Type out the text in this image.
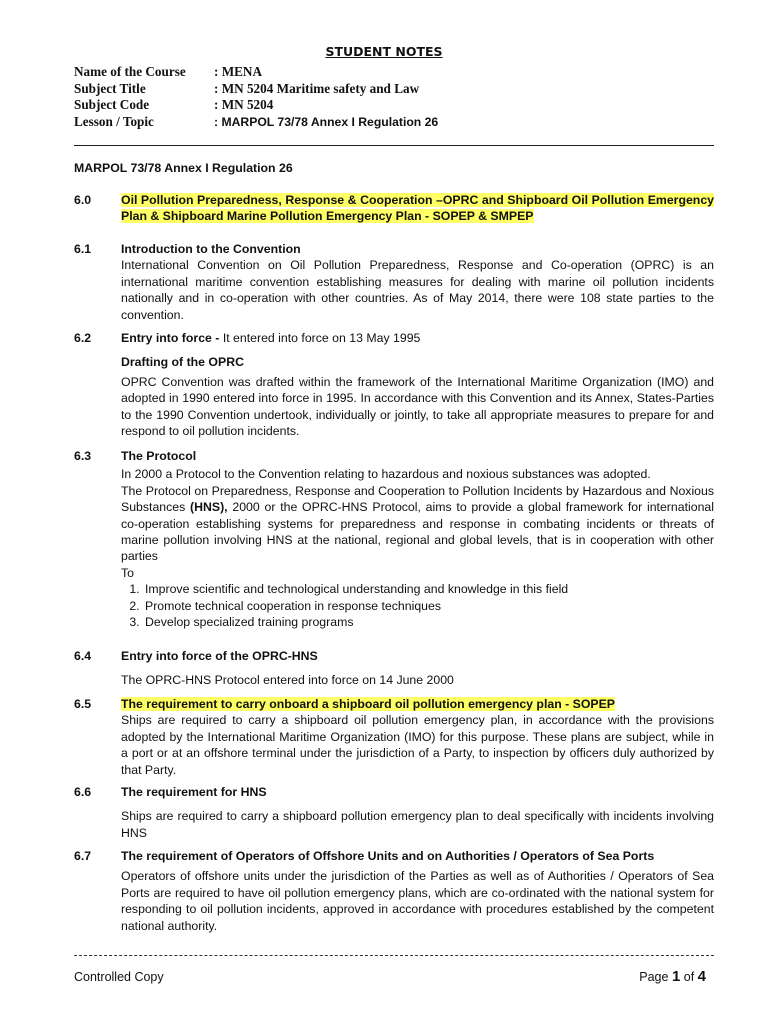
STUDENT NOTES
Name of the Course	: MENA
Subject Title	: MN 5204 Maritime safety and Law
Subject Code	: MN 5204
Lesson / Topic	: MARPOL 73/78 Annex I Regulation 26
MARPOL 73/78 Annex I Regulation 26
6.0 Oil Pollution Preparedness, Response & Cooperation –OPRC and Shipboard Oil Pollution Emergency Plan & Shipboard Marine Pollution Emergency Plan - SOPEP & SMPEP

6.1 Introduction to the Convention

International Convention on Oil Pollution Preparedness, Response and Co-operation (OPRC) is an international maritime convention establishing measures for dealing with marine oil pollution incidents nationally and in co-operation with other countries. As of May 2014, there were 108 state parties to the convention.

6.2 Entry into force - It entered into force on 13 May 1995

Drafting of the OPRC

OPRC Convention was drafted within the framework of the International Maritime Organization (IMO) and adopted in 1990 entered into force in 1995. In accordance with this Convention and its Annex, States-Parties to the 1990 Convention undertook, individually or jointly, to take all appropriate measures to prepare for and respond to oil pollution incidents.

6.3 The Protocol

In 2000 a Protocol to the Convention relating to hazardous and noxious substances was adopted.

The Protocol on Preparedness, Response and Cooperation to Pollution Incidents by Hazardous and Noxious Substances (HNS), 2000 or the OPRC-HNS Protocol, aims to provide a global framework for international co-operation establishing systems for preparedness and response in combating incidents or threats of marine pollution involving HNS at the national, regional and global levels, that is in cooperation with other parties

To

1. Improve scientific and technological understanding and knowledge in this field
2. Promote technical cooperation in response techniques
3. Develop specialized training programs
6.4 Entry into force of the OPRC-HNS

The OPRC-HNS Protocol entered into force on 14 June 2000

6.5 The requirement to carry onboard a shipboard oil pollution emergency plan - SOPEP

Ships are required to carry a shipboard oil pollution emergency plan, in accordance with the provisions adopted by the International Maritime Organization (IMO) for this purpose. These plans are subject, while in a port or at an offshore terminal under the jurisdiction of a Party, to inspection by officers duly authorized by that Party.

6.6 The requirement for HNS

Ships are required to carry a shipboard pollution emergency plan to deal specifically with incidents involving HNS

6.7 The requirement of Operators of Offshore Units and on Authorities / Operators of Sea Ports

Operators of offshore units under the jurisdiction of the Parties as well as of Authorities / Operators of Sea Ports are required to have oil pollution emergency plans, which are co-ordinated with the national system for responding to oil pollution incidents, approved in accordance with procedures established by the competent national authority.

Controlled Copy	Page 1 of 4
